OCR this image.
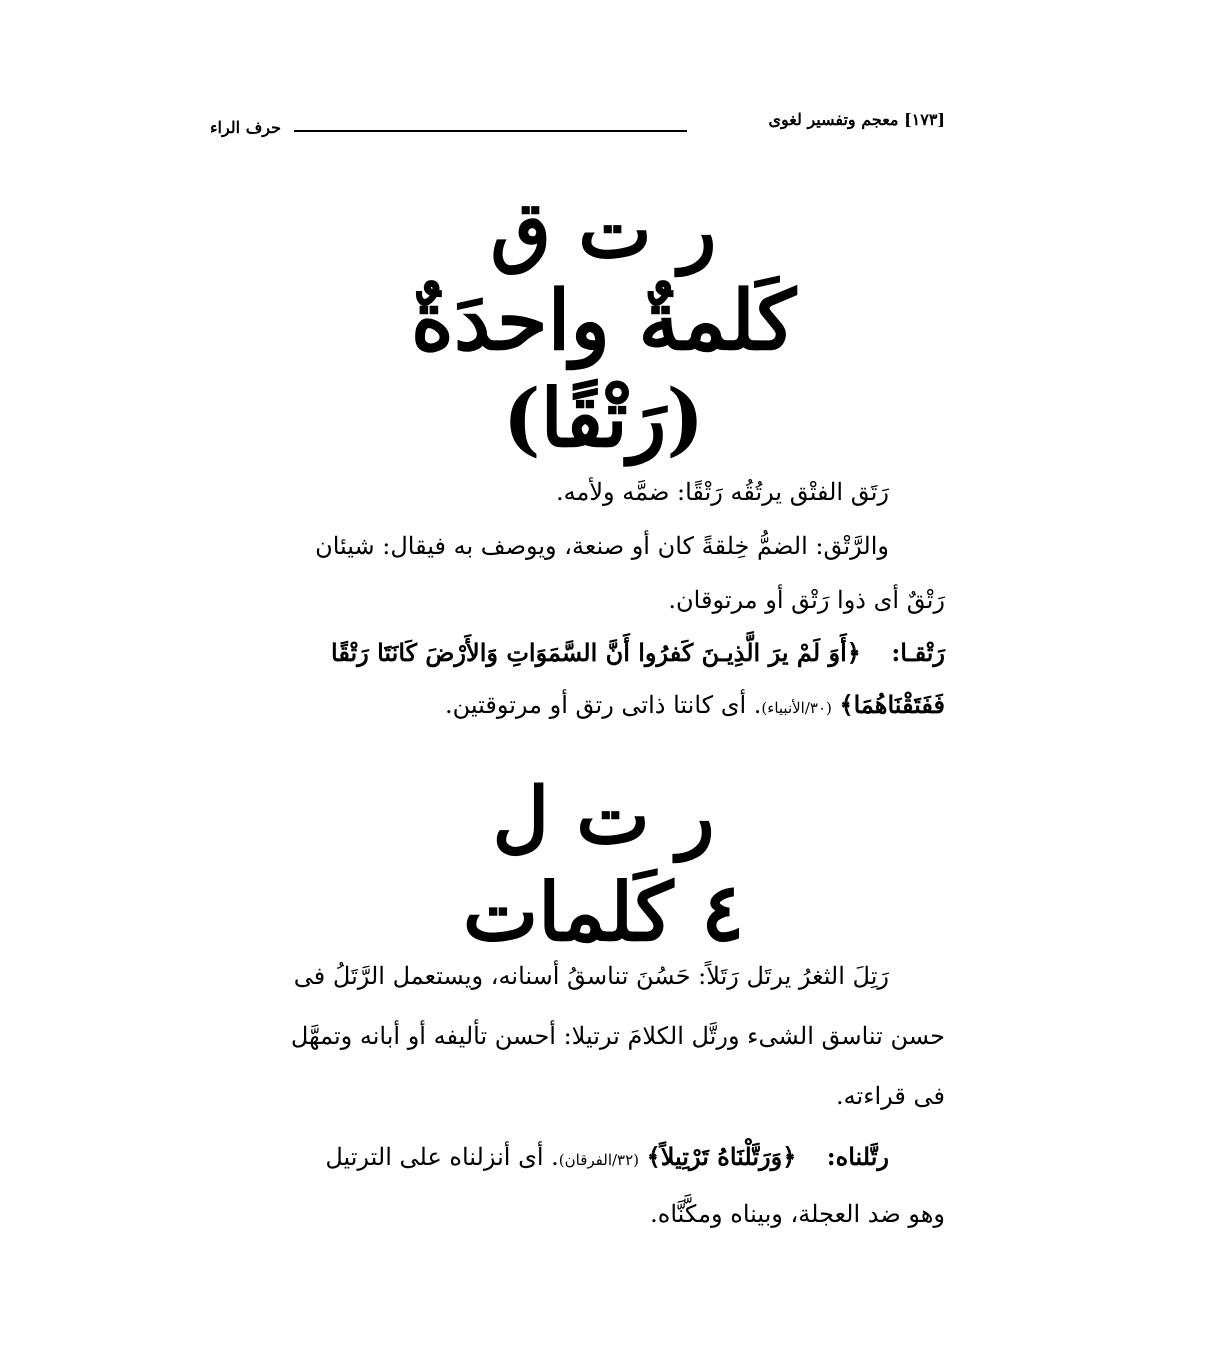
[١٧٣] معجم وتفسير لغوى
حرف الراء
ر ت ق
كَلمةٌ واحدَةٌ
(رَتْقًا)
رَتَق الفتْق يرتُقُه رَتْقًا: ضمَّه ولأمه.
والرَّتْق: الضمُّ خِلقةً كان أو صنعة، ويوصف به فيقال: شيئان
رَتْقٌ أى ذوا رَتْق أو مرتوقان.
رَتْقـا:    ﴿أَوَ لَمْ يرَ الَّذِيـنَ كَفرُوا أَنَّ السَّمَوَاتِ وَالأَرْضَ كَانَتَا رَتْقًا
فَفَتَقْنَاهُمَا﴾ (٣٠/الأنبياء). أى كانتا ذاتى رتق أو مرتوقتين.
ر ت ل
٤ كَلمات
رَتِلَ الثغرُ يرتَل رَتَلاً: حَسُنَ تناسقُ أسنانه، ويستعمل الرَّتَلُ فى
حسن تناسق الشىء ورتَّل الكلامَ ترتيلا: أحسن تأليفه أو أبانه وتمهَّل
فى قراءته.
رتَّلناه:    ﴿وَرَتَّلْنَاهُ تَرْتِيلاً﴾ (٣٢/الفرقان). أى أنزلناه على الترتيل
وهو ضد العجلة، وبيناه ومكَّنَّاه.
